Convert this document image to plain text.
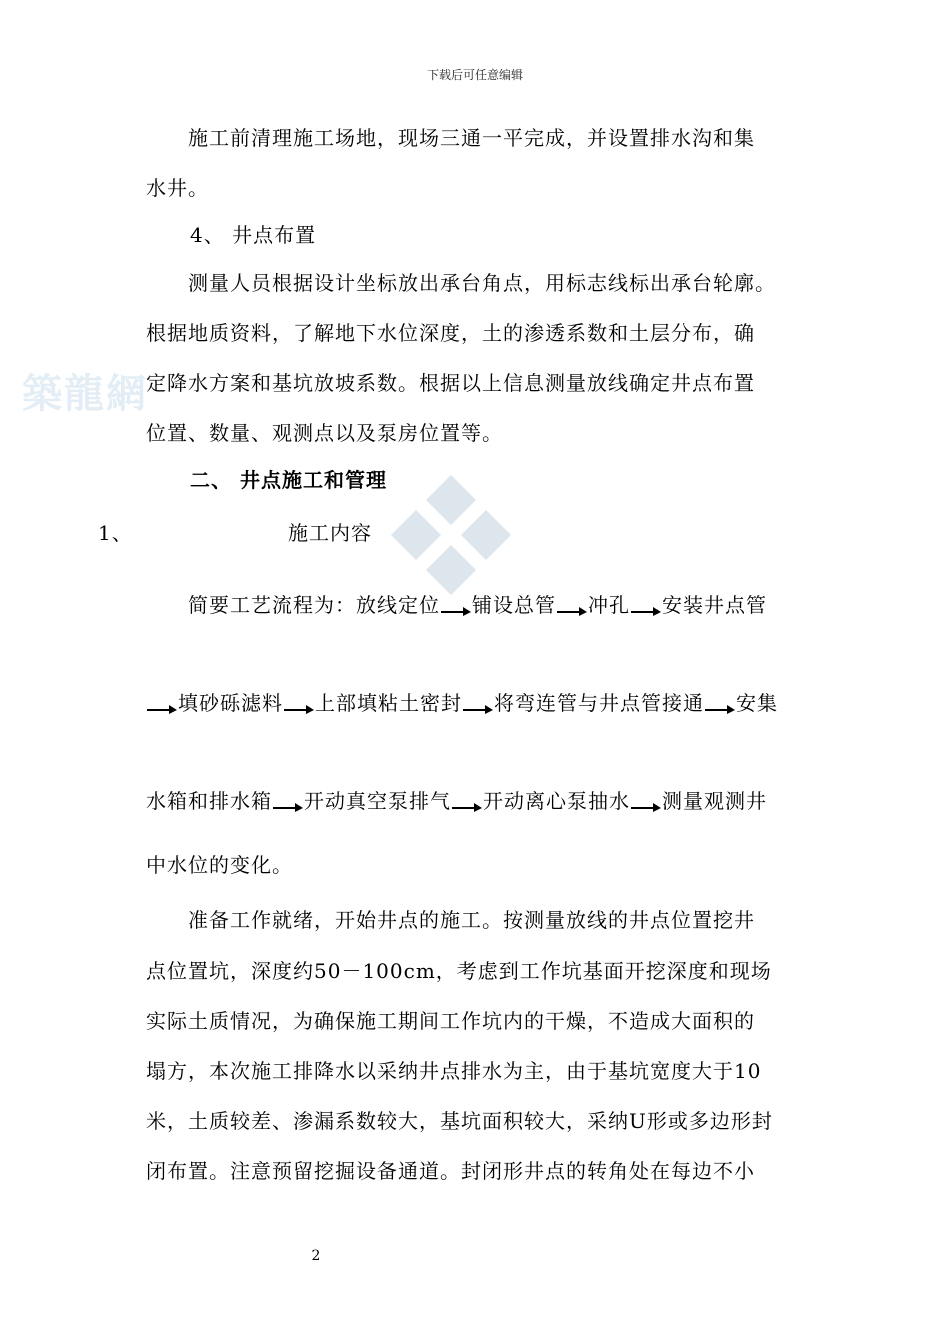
下载后可任意编辑
築龍網
施工前清理施工场地，现场三通一平完成，并设置排水沟和集
水井。
4、 井点布置
测量人员根据设计坐标放出承台角点，用标志线标出承台轮廓。
根据地质资料，了解地下水位深度，土的渗透系数和土层分布，确
定降水方案和基坑放坡系数。根据以上信息测量放线确定井点布置
位置、数量、观测点以及泵房位置等。
二、 井点施工和管理
1、	施工内容
简要工艺流程为： 放线定位 铺设总管 冲孔 安装井点管
填砂砾滤料 上部填粘土密封 将弯连管与井点管接通 安集
水箱和排水箱 开动真空泵排气 开动离心泵抽水 测量观测井
中水位的变化。
准备工作就绪，开始井点的施工。按测量放线的井点位置挖井
点位置坑，深度约50－100cm，考虑到工作坑基面开挖深度和现场
实际土质情况，为确保施工期间工作坑内的干燥，不造成大面积的
塌方，本次施工排降水以采纳井点排水为主，由于基坑宽度大于10
米，土质较差、渗漏系数较大，基坑面积较大，采纳U形或多边形封
闭布置。注意预留挖掘设备通道。封闭形井点的转角处在每边不小
2
